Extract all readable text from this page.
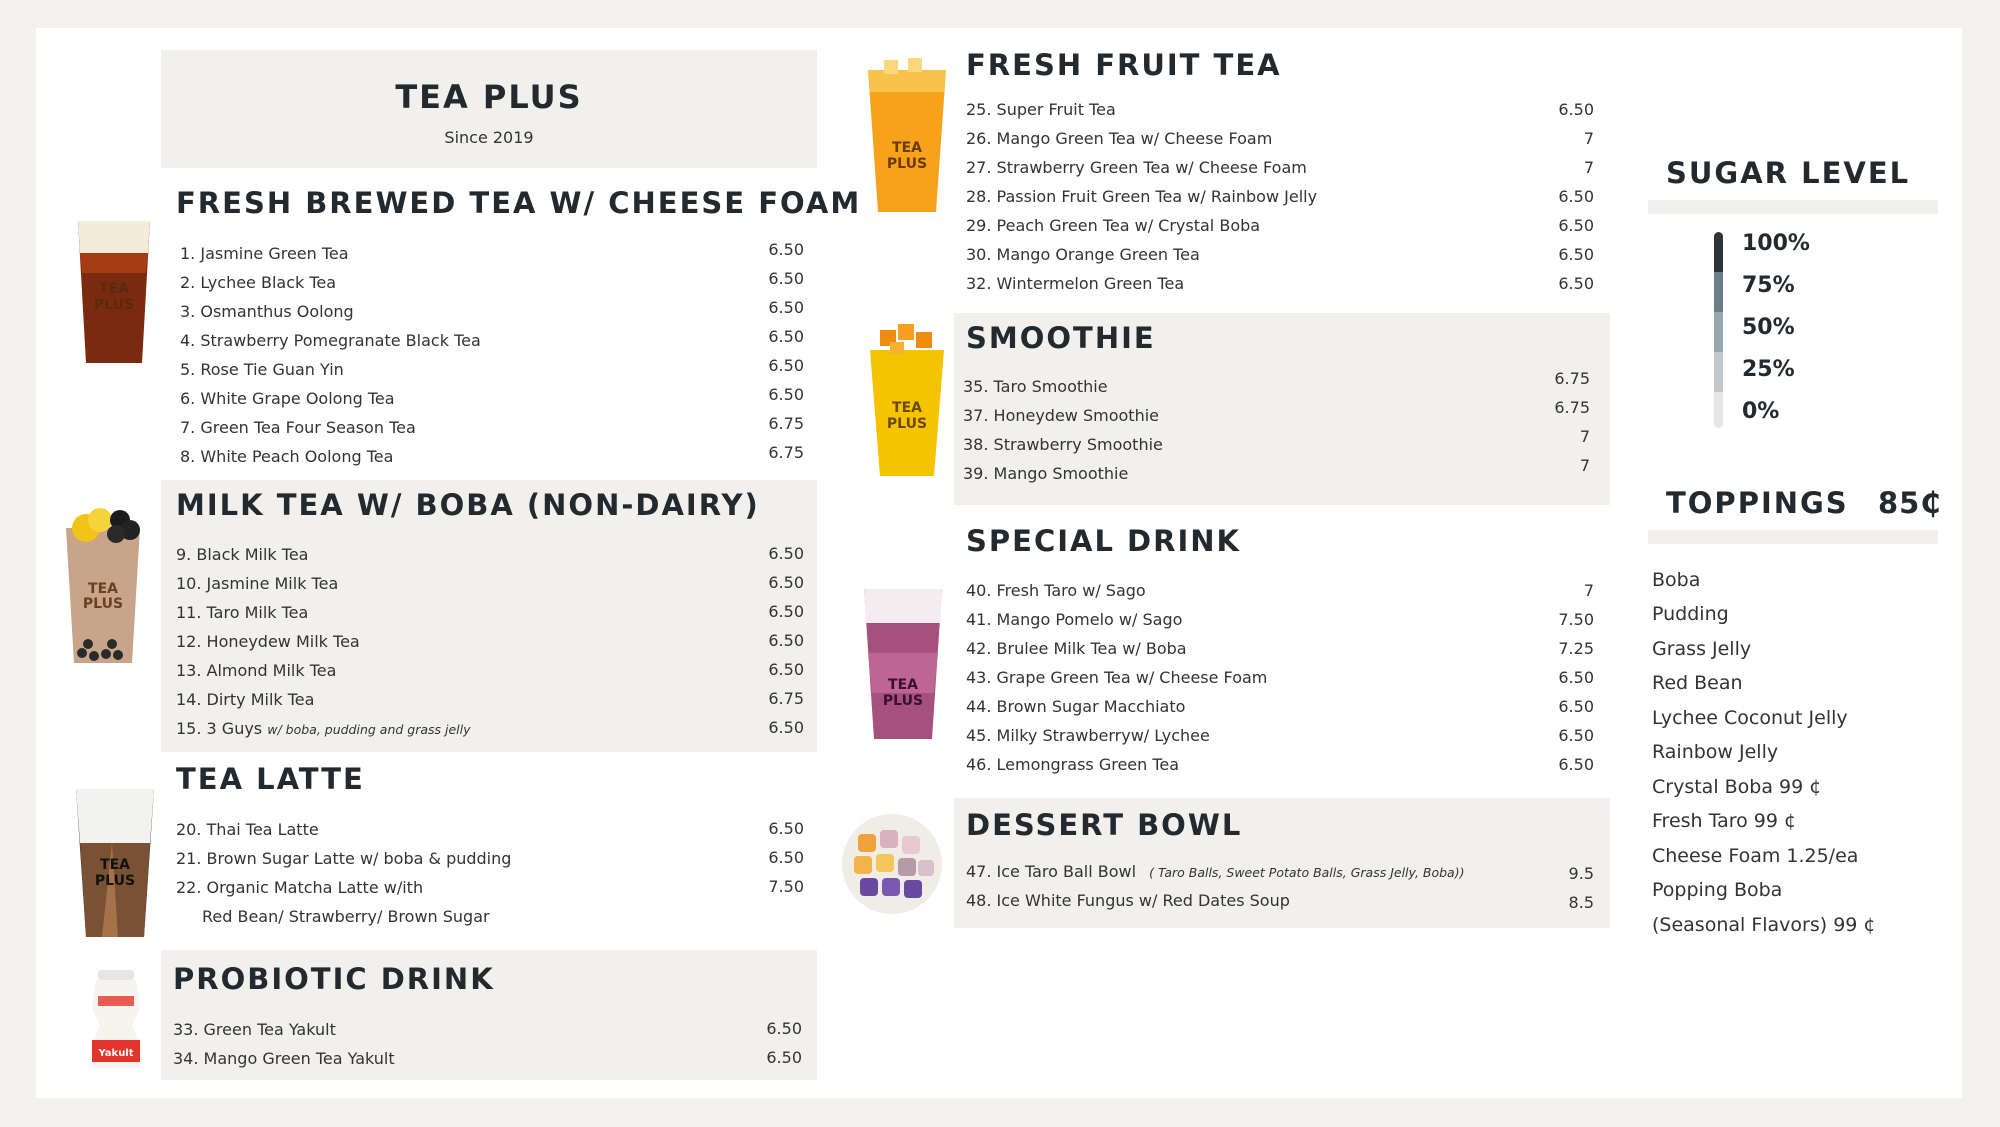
TEA PLUS
Since 2019
FRESH BREWED TEA W/ CHEESE FOAM
1. Jasmine Green Tea	6.50
2. Lychee Black Tea	6.50
3. Osmanthus Oolong	6.50
4. Strawberry Pomegranate Black Tea	6.50
5. Rose Tie Guan Yin	6.50
6. White Grape Oolong Tea	6.50
7. Green Tea Four Season Tea	6.75
8. White Peach Oolong Tea	6.75
MILK TEA W/ BOBA (NON-DAIRY)
9. Black Milk Tea	6.50
10. Jasmine Milk Tea	6.50
11. Taro Milk Tea	6.50
12. Honeydew Milk Tea	6.50
13. Almond Milk Tea	6.50
14. Dirty Milk Tea	6.75
15. 3 Guys w/ boba, pudding and grass jelly	6.50
TEA LATTE
20. Thai Tea Latte	6.50
21. Brown Sugar Latte w/ boba & pudding	6.50
22. Organic Matcha Latte w/ith	7.50
Red Bean/ Strawberry/ Brown Sugar
PROBIOTIC DRINK
33. Green Tea Yakult	6.50
34. Mango Green Tea Yakult	6.50
FRESH FRUIT TEA
25. Super Fruit Tea	6.50
26. Mango Green Tea w/ Cheese Foam	7
27. Strawberry Green Tea w/ Cheese Foam	7
28. Passion Fruit Green Tea w/ Rainbow Jelly	6.50
29. Peach Green Tea w/ Crystal Boba	6.50
30. Mango Orange Green Tea	6.50
32. Wintermelon Green Tea	6.50
SMOOTHIE
35. Taro Smoothie	6.75
37. Honeydew Smoothie	6.75
38. Strawberry Smoothie	7
39. Mango Smoothie	7
SPECIAL DRINK
40. Fresh Taro w/ Sago	7
41. Mango Pomelo w/ Sago	7.50
42. Brulee Milk Tea w/ Boba	7.25
43. Grape Green Tea w/ Cheese Foam	6.50
44. Brown Sugar Macchiato	6.50
45. Milky Strawberryw/ Lychee	6.50
46. Lemongrass Green Tea	6.50
DESSERT BOWL
47. Ice Taro Ball Bowl ( Taro Balls, Sweet Potato Balls, Grass Jelly, Boba))	9.5
48. Ice White Fungus w/ Red Dates Soup	8.5
SUGAR LEVEL
100%
75%
50%
25%
0%
TOPPINGS 85₵
Boba
Pudding
Grass Jelly
Red Bean
Lychee Coconut Jelly
Rainbow Jelly
Crystal Boba 99 ¢
Fresh Taro 99 ¢
Cheese Foam 1.25/ea
Popping Boba
(Seasonal Flavors) 99 ¢
TEA
PLUS
TEA
PLUS
TEA
PLUS
Yakult
TEA
PLUS
TEA
PLUS
TEA
PLUS
